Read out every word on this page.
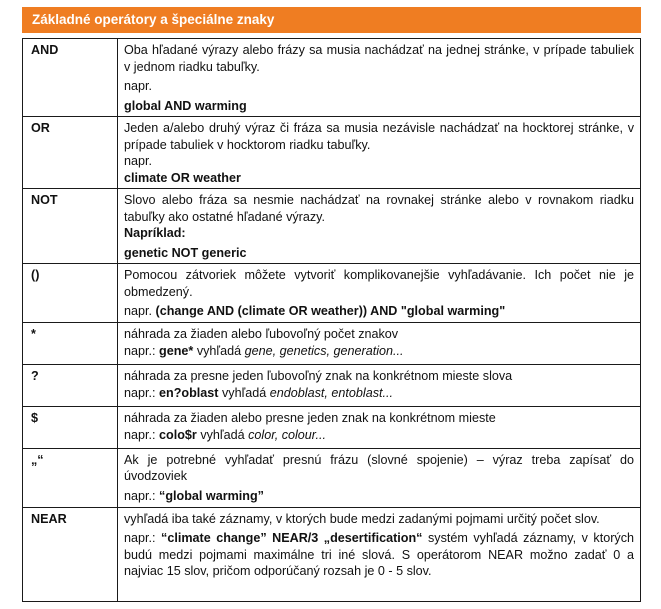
Základné operátory a špeciálne znaky
AND	Oba hľadané výrazy alebo frázy sa musia nachádzať na jednej stránke, v prípade tabuliek v jednom riadku tabuľky.
napr.
global AND warming

OR	Jeden a/alebo druhý výraz či fráza sa musia nezávisle nachádzať na hocktorej stránke, v prípade tabuliek v hocktorom riadku tabuľky.
napr.
climate OR weather

NOT	Slovo alebo fráza sa nesmie nachádzať na rovnakej stránke alebo v rovnakom riadku tabuľky ako ostatné hľadané výrazy.
Napríklad:
genetic NOT generic

()	Pomocou zátvoriek môžete vytvoriť komplikovanejšie vyhľadávanie. Ich počet nie je obmedzený.
napr. (change AND (climate OR weather)) AND "global warming"

*	náhrada za žiaden alebo ľubovoľný počet znakov
napr.: gene* vyhľadá gene, genetics, generation...

?	náhrada za presne jeden ľubovoľný znak na konkrétnom mieste slova
napr.: en?oblast vyhľadá endoblast, entoblast...

$	náhrada za žiaden alebo presne jeden znak na konkrétnom mieste
napr.: colo$r vyhľadá color, colour...

„“	Ak je potrebné vyhľadať presnú frázu (slovné spojenie) – výraz treba zapísať do úvodzoviek
napr.: “global warming”

NEAR	vyhľadá iba také záznamy, v ktorých bude medzi zadanými pojmami určitý počet slov.
napr.: “climate change” NEAR/3 „desertification“ systém vyhľadá záznamy, v ktorých budú medzi pojmami maximálne tri iné slová. S operátorom NEAR možno zadať 0 a najviac 15 slov, pričom odporúčaný rozsah je 0 - 5 slov.
